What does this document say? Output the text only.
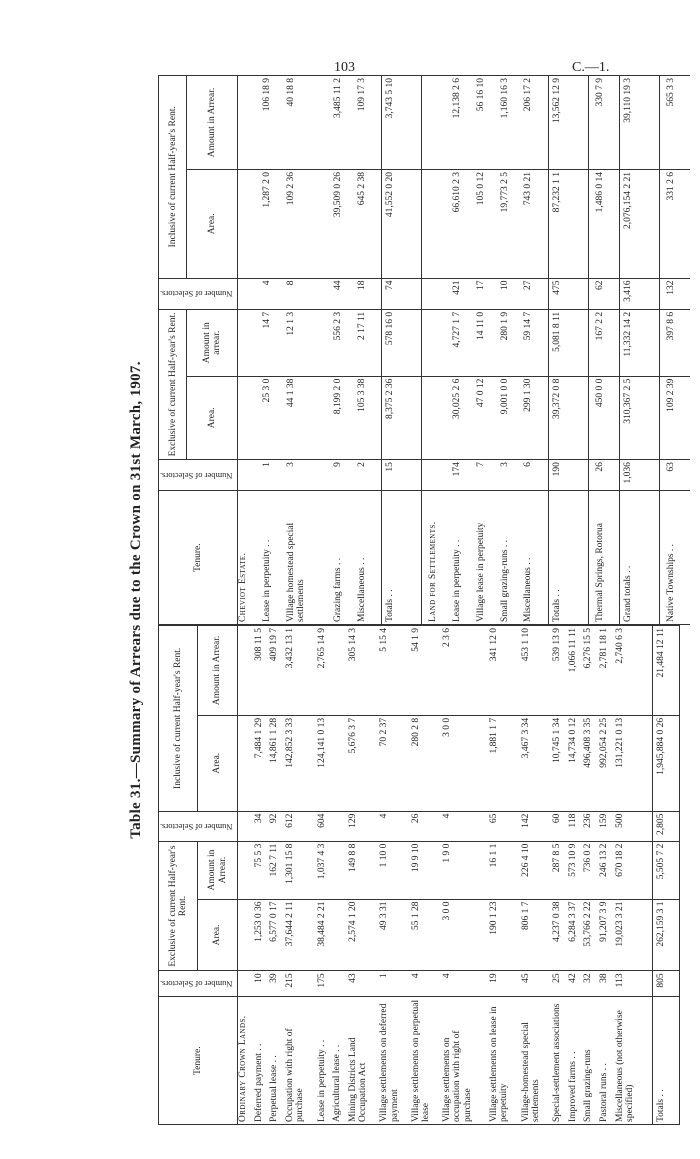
103	C.—1.
Table 31.—Summary of Arrears due to the Crown on 31st March, 1907.
Tenure.	Number of Selectors.	Exclusive of current Half-year's Rent.		Number of Selectors.	Inclusive of current Half-year's Rent.	
		Area.	Amount in Arrear.		Area.	Amount in Arrear.
Ordinary Crown Lands.						
Deferred payment . .	10	1,253 0 36	75 5 3	34	7,484 1 29	308 11 5
Perpetual lease . .	39	6,577 0 17	162 7 11	92	14,861 1 28	409 19 7
Occupation with right of purchase	215	37,644 2 11	1,301 15 8	612	142,852 3 33	3,432 13 1
Lease in perpetuity . .	175	38,484 2 21	1,037 4 3	604	124,141 0 13	2,765 14 9
Agricultural lease . .						
Mining Districts Land Occupation Act	43	2,574 1 20	149 8 8	129	5,676 3 7	305 14 3
Village settlements on deferred payment	1	49 3 31	1 10 0	4	70 2 37	5 15 4
Village settlements on perpetual lease	4	55 1 28	19 9 10	26	280 2 8	54 1 9
Village settlements on occupation with right of purchase	4	3 0 0	1 9 0	4	3 0 0	2 3 6
Village settlements on lease in perpetuity	19	190 1 23	16 1 1	65	1,881 1 7	341 12 0
Village-homestead special settlements	45	806 1 7	226 4 10	142	3,467 3 34	453 1 10
Special-settlement associations	25	4,237 0 38	287 8 5	60	10,745 1 34	539 13 9
Improved farms . .	42	6,284 3 37	573 10 9	118	14,734 0 12	1,066 11 11
Small grazing-runs	32	53,766 2 22	736 0 2	236	496,408 3 35	6,276 15 5
Pastoral runs . .	38	91,207 3 9	246 13 2	159	992,054 2 25	2,781 18 1
Miscellaneous (not otherwise specified)	113	19,023 3 21	670 18 2	500	131,221 0 13	2,740 6 3

Totals . .	805	262,159 3 1	5,505 7 2	2,805	1,945,884 0 26	21,484 12 11
Tenure.	Number of Selectors.	Exclusive of current Half-year's Rent.		Number of Selectors.	Inclusive of current Half-year's Rent.	
		Area.	Amount in arrear.		Area.	Amount in Arrear.
Cheviot Estate.						
Lease in perpetuity . .	1	25 3 0	14 7	4	1,287 2 0	106 18 9
Village homestead special settlements	3	44 1 38	12 1 3	8	109 2 36	40 18 8
Grazing farms . .	9	8,199 2 0	556 2 3	44	39,509 0 26	3,485 11 2
Miscellaneous . .	2	105 3 38	2 17 11	18	645 2 38	109 17 3
Totals . .	15	8,375 2 36	578 16 0	74	41,552 0 20	3,743 5 10

Land for Settlements.						
Lease in perpetuity . .	174	30,025 2 6	4,727 1 7	421	66,610 2 3	12,138 2 6
Village lease in perpetuity	7	47 0 12	14 11 0	17	105 0 12	56 16 10
Small grazing-runs . .	3	9,001 0 0	280 1 9	10	19,773 2 5	1,160 16 3
Miscellaneous . .	6	299 1 30	59 14 7	27	743 0 21	206 17 2
Totals . .	190	39,372 0 8	5,081 8 11	475	87,232 1 1	13,562 12 9

Thermal Springs, Rotorua	26	450 0 0	167 2 2	62	1,486 0 14	330 7 9
Grand totals . .	1,036	310,367 2 5	11,332 14 2	3,416	2,076,154 2 21	39,110 19 3

Native Townships . .	63	109 2 39	397 8 6	132	331 2 6	565 3 3
